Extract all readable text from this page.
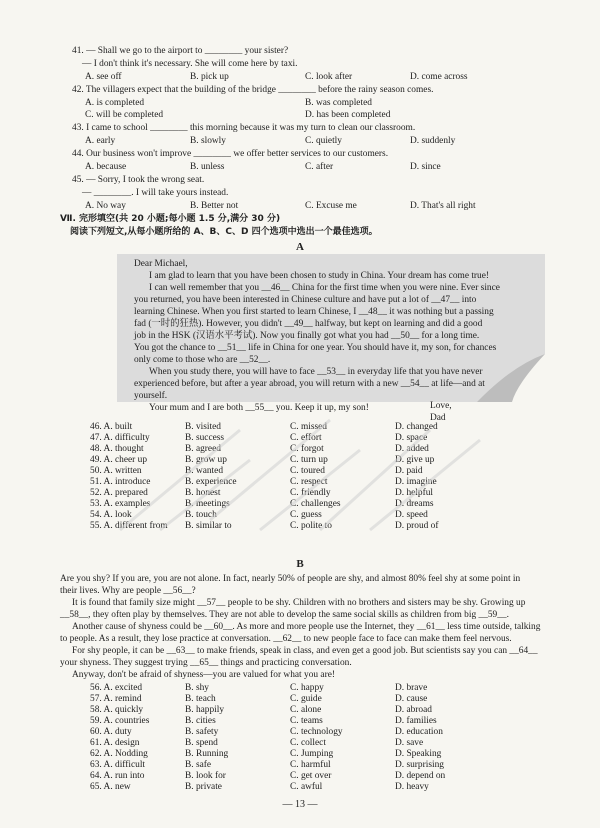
41. — Shall we go to the airport to ________ your sister?
— I don't think it's necessary. She will come here by taxi.
A. see off	B. pick up	C. look after	D. come across
42. The villagers expect that the building of the bridge ________ before the rainy season comes.
A. is completed	B. was completed
C. will be completed	D. has been completed
43. I came to school ________ this morning because it was my turn to clean our classroom.
A. early	B. slowly	C. quietly	D. suddenly
44. Our business won't improve ________ we offer better services to our customers.
A. because	B. unless	C. after	D. since
45. — Sorry, I took the wrong seat.
— ________. I will take yours instead.
A. No way	B. Better not	C. Excuse me	D. That's all right
Ⅶ. 完形填空(共 20 小题;每小题 1.5 分,满分 30 分)
阅读下列短文,从每小题所给的 A、B、C、D 四个选项中选出一个最佳选项。
A
Dear Michael,
I am glad to learn that you have been chosen to study in China. Your dream has come true!
I can well remember that you __46__ China for the first time when you were nine. Ever since
you returned, you have been interested in Chinese culture and have put a lot of __47__ into
learning Chinese. When you first started to learn Chinese, I __48__ it was nothing but a passing
fad (一时的狂热). However, you didn't __49__ halfway, but kept on learning and did a good
job in the HSK (汉语水平考试). Now you finally got what you had __50__ for a long time.
You got the chance to __51__ life in China for one year. You should have it, my son, for chances
only come to those who are __52__.
When you study there, you will have to face __53__ in everyday life that you have never
experienced before, but after a year abroad, you will return with a new __54__ at life—and at
yourself.
Your mum and I are both __55__ you. Keep it up, my son!	Love,
Dad
46. A. built	B. visited	C. missed	D. changed
47. A. difficulty	B. success	C. effort	D. space
48. A. thought	B. agreed	C. forgot	D. added
49. A. cheer up	B. grow up	C. turn up	D. give up
50. A. written	B. wanted	C. toured	D. paid
51. A. introduce	B. experience	C. respect	D. imagine
52. A. prepared	B. honest	C. friendly	D. helpful
53. A. examples	B. meetings	C. challenges	D. dreams
54. A. look	B. touch	C. guess	D. speed
55. A. different from B. similar to	C. polite to	D. proud of
B
Are you shy? If you are, you are not alone. In fact, nearly 50% of people are shy, and almost 80% feel shy at some point in
their lives. Why are people __56__?
It is found that family size might __57__ people to be shy. Children with no brothers and sisters may be shy. Growing up
__58__, they often play by themselves. They are not able to develop the same social skills as children from big __59__.
Another cause of shyness could be __60__. As more and more people use the Internet, they __61__ less time outside, talking
to people. As a result, they lose practice at conversation. __62__ to new people face to face can make them feel nervous.
For shy people, it can be __63__ to make friends, speak in class, and even get a good job. But scientists say you can __64__
your shyness. They suggest trying __65__ things and practicing conversation.
Anyway, don't be afraid of shyness—you are valued for what you are!
56. A. excited	B. shy	C. happy	D. brave
57. A. remind	B. teach	C. guide	D. cause
58. A. quickly	B. happily	C. alone	D. abroad
59. A. countries	B. cities	C. teams	D. families
60. A. duty	B. safety	C. technology	D. education
61. A. design	B. spend	C. collect	D. save
62. A. Nodding	B. Running	C. Jumping	D. Speaking
63. A. difficult	B. safe	C. harmful	D. surprising
64. A. run into	B. look for	C. get over	D. depend on
65. A. new	B. private	C. awful	D. heavy
— 13 —
